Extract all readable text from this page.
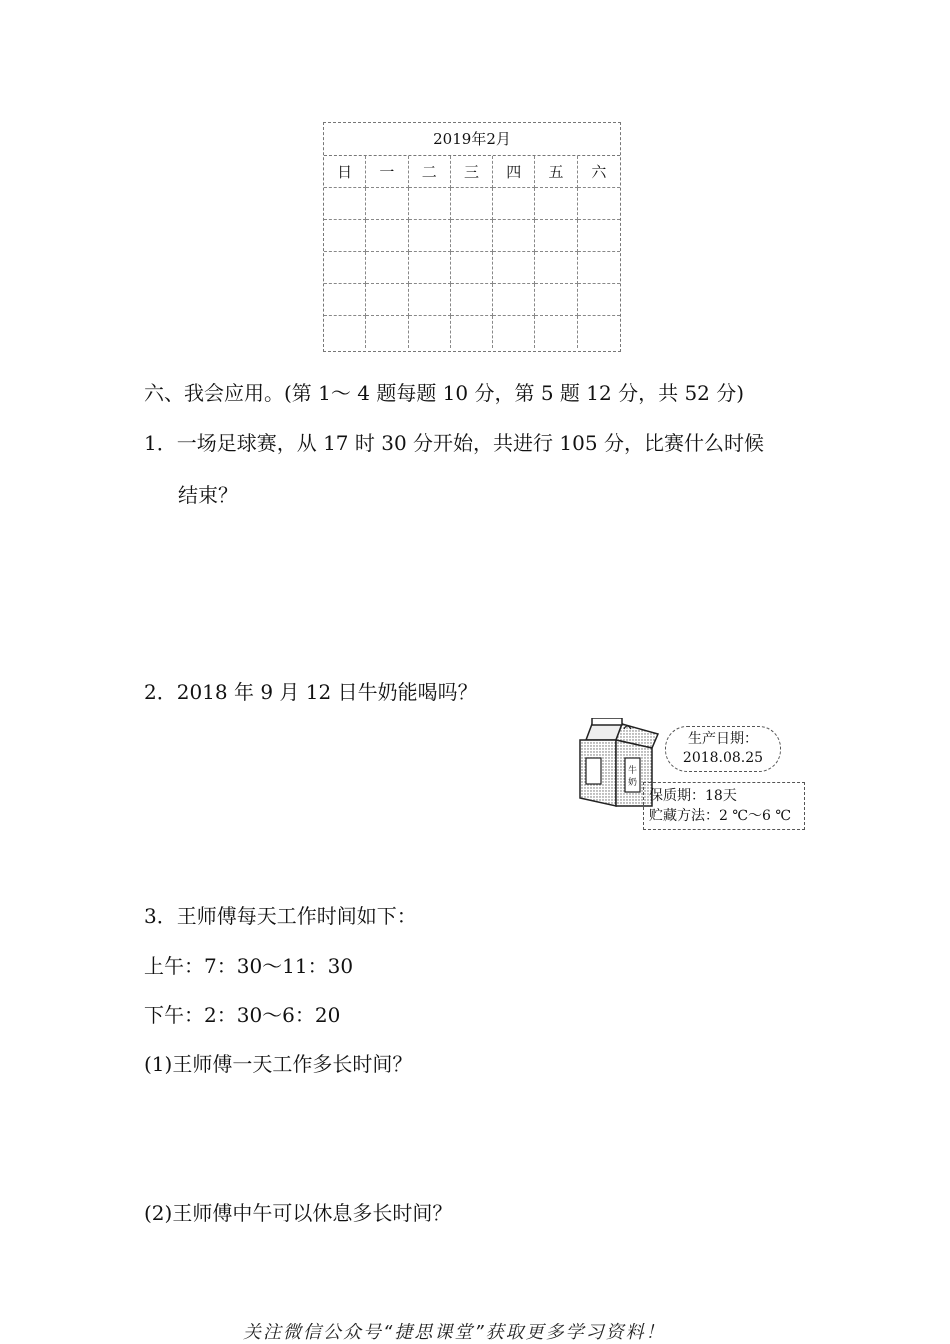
2019年2月
日	一	二	三	四	五	六
六、我会应用。(第 1～ 4 题每题 10 分，第 5 题 12 分，共 52 分)
1．一场足球赛，从 17 时 30 分开始，共进行 105 分，比赛什么时候
结束？
2．2018 年 9 月 12 日牛奶能喝吗？
牛
奶
生产日期：
2018.08.25
保质期：18天
贮藏方法：2 ℃～6 ℃
3．王师傅每天工作时间如下：
上午：7：30～11：30
下午：2：30～6：20
(1)王师傅一天工作多长时间？
(2)王师傅中午可以休息多长时间？
关注微信公众号“捷思课堂”获取更多学习资料！
